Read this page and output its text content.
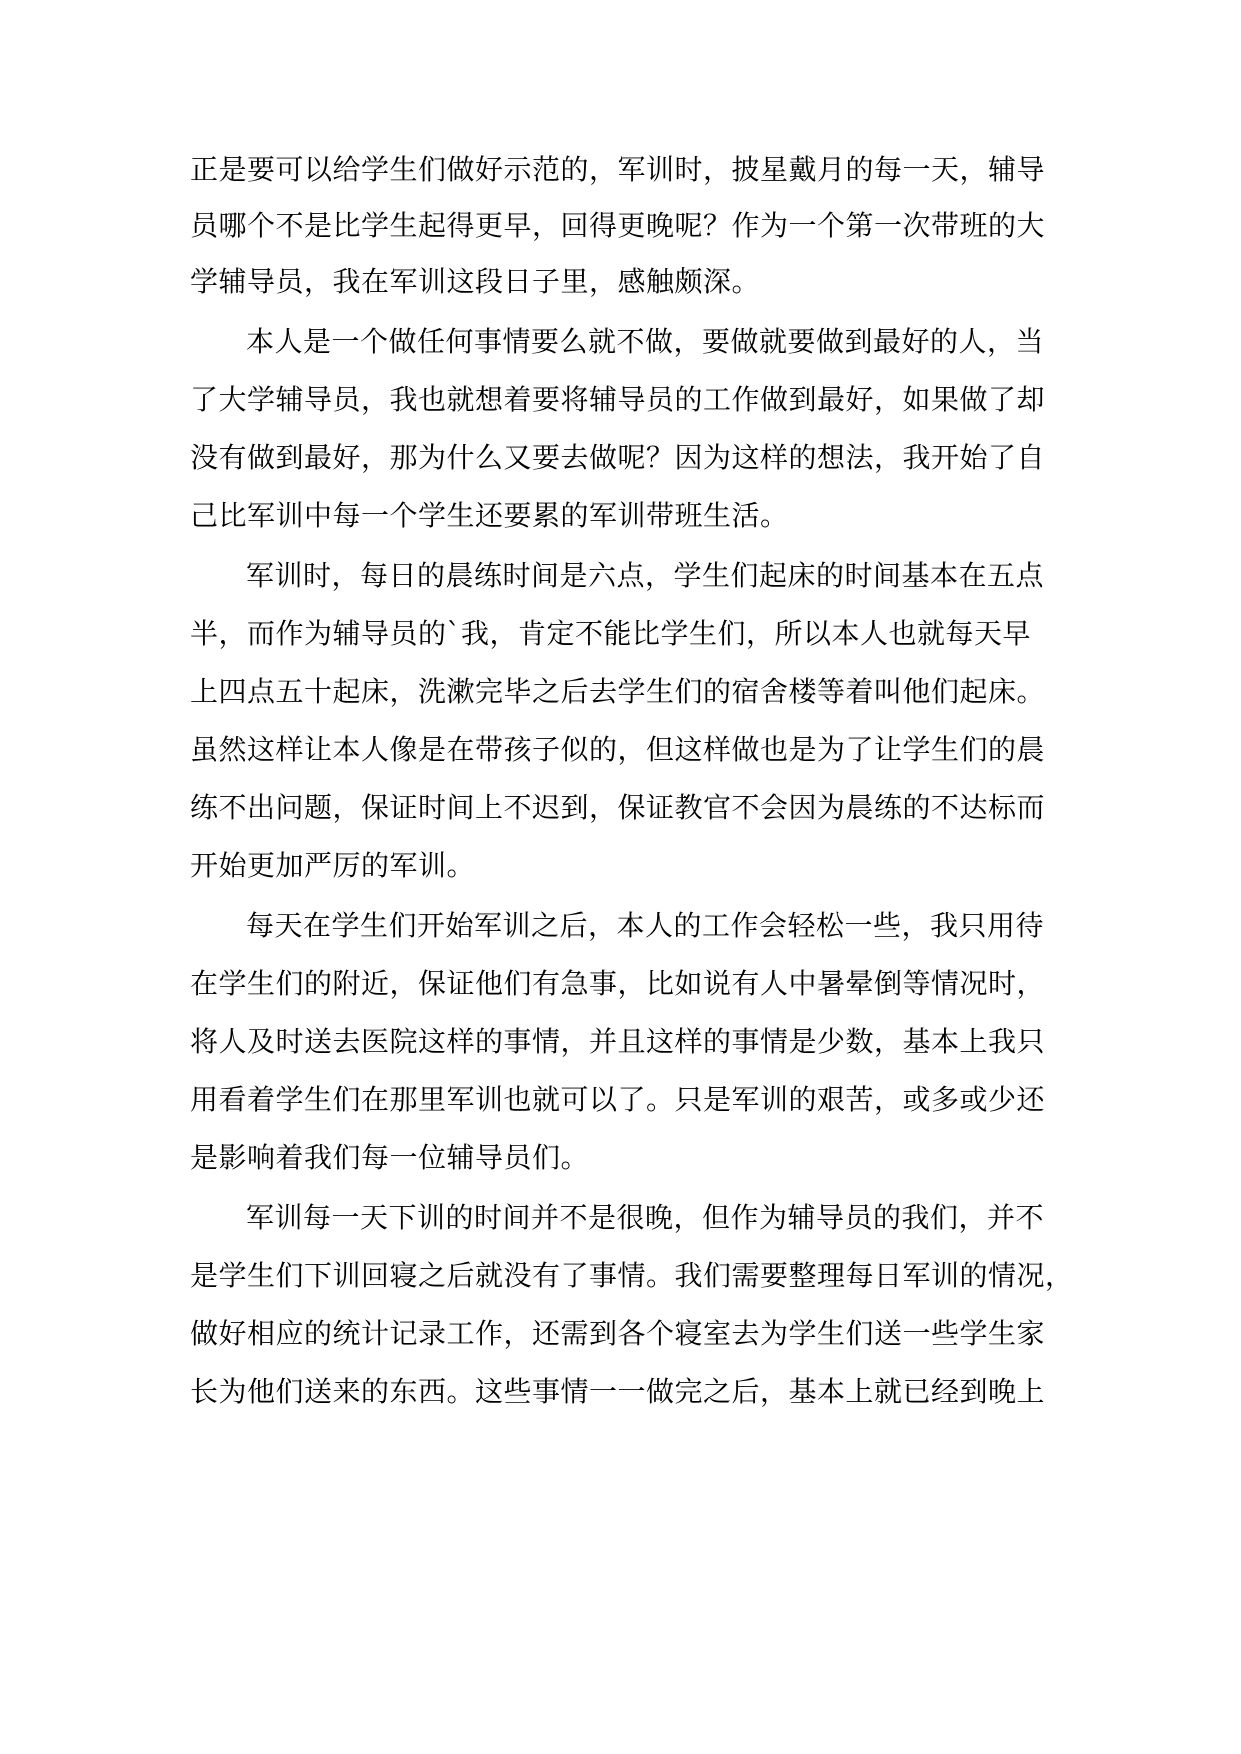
正是要可以给学生们做好示范的，军训时，披星戴月的每一天，辅导
员哪个不是比学生起得更早，回得更晚呢？作为一个第一次带班的大
学辅导员，我在军训这段日子里，感触颇深。
本人是一个做任何事情要么就不做，要做就要做到最好的人，当
了大学辅导员，我也就想着要将辅导员的工作做到最好，如果做了却
没有做到最好，那为什么又要去做呢？因为这样的想法，我开始了自
己比军训中每一个学生还要累的军训带班生活。
军训时，每日的晨练时间是六点，学生们起床的时间基本在五点
半，而作为辅导员的`我，肯定不能比学生们，所以本人也就每天早
上四点五十起床，洗漱完毕之后去学生们的宿舍楼等着叫他们起床。
虽然这样让本人像是在带孩子似的，但这样做也是为了让学生们的晨
练不出问题，保证时间上不迟到，保证教官不会因为晨练的不达标而
开始更加严厉的军训。
每天在学生们开始军训之后，本人的工作会轻松一些，我只用待
在学生们的附近，保证他们有急事，比如说有人中暑晕倒等情况时，
将人及时送去医院这样的事情，并且这样的事情是少数，基本上我只
用看着学生们在那里军训也就可以了。只是军训的艰苦，或多或少还
是影响着我们每一位辅导员们。
军训每一天下训的时间并不是很晚，但作为辅导员的我们，并不
是学生们下训回寝之后就没有了事情。我们需要整理每日军训的情况，
做好相应的统计记录工作，还需到各个寝室去为学生们送一些学生家
长为他们送来的东西。这些事情一一做完之后，基本上就已经到晚上
